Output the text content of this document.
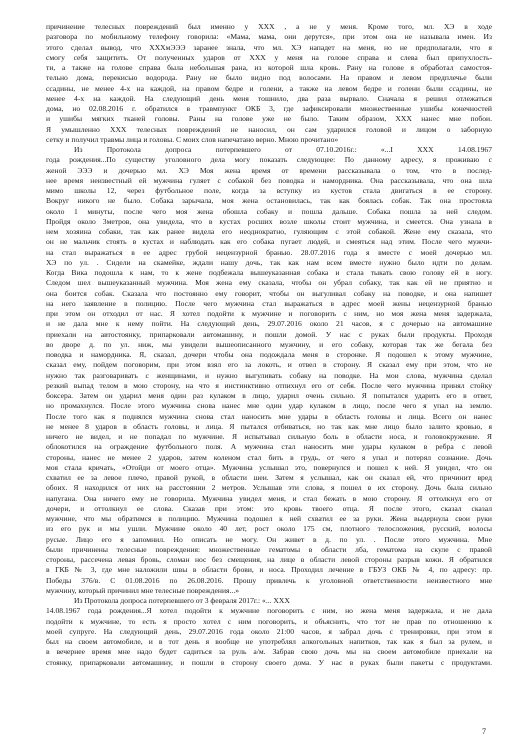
причинение телесных повреждений был именно у ХХХ , а не у меня. Кроме того, мл. ХЭ в ходе
разговора по мобильному телефону говорила: «Мама, мама, они дерутся», при этом она не называла имен. Из
этого сделал вывод, что ХХХмЭЭЭ заранее знала, что мл. ХЭ нападет на меня, но не предполагали, что я
смогу себя защитить. От полученных ударов от ХХХ у меня на голове справа и слева был припухлость-
ти, а также на голове справа была небольшая рана, из которой шла кровь. Рану на голове я обработал самостоя-
тельно дома, перекисью водорода. Рану не было видно под волосами. На правом и левом предплечье были
ссадины, не менее 4-х на каждой, на правом бедре и голени, а также на левом бедре и голени были ссадины, не
менее 4-х на каждой. На следующий день меня тошнило, два раза вырвало. Сначала я решил отлежаться
дома, но 02.08.2016 г. обратился в травмпункт ОКБ 3, где зафиксировали множественные ушибы конечностей
и ушибы мягких тканей головы. Раны на голове уже не было. Таким образом, ХХХ нанес мне побои.
Я умышленно ХХХ телесных повреждений не наносил, он сам ударился головой и лицом о заборную
сетку и получил травмы лица и головы. С моих слов напечатано верно. Мною прочитано»
Из Протокола допроса потерпевшего от 07.10.2016г.: «...I ХХХ 14.08.1967
года рождения...По существу уголовного дела могу показать следующее: По данному адресу, я проживаю с
женой ЭЭЭ и дочерью мл. ХЭ Моя жена время от времени рассказывала о том, что в послед-
нее время неизвестный ей мужчина гуляет с собакой без поводка и намордника. Она рассказывала, что она шла
мимо школы 12, через футбольное поле, когда за вступку из кустов стала двигаться в ее сторону.
Вокруг никого не было. Собака зарычала, моя жена остановилась, так как боялась собак. Так она простояла
около 1 минуты, после чего моя жена обошла собаку и пошла дальше. Собака пошла за ней следом.
Пройдя около 3метров, она увидела, что в кустах росших возле школы стоит мужчина, и смеется. Она узнала в
нем хозяина собаки, так как ранее видела его неоднократно, гуляющим с этой собакой. Жене ему сказала, что
он не мальчик стоять в кустах и наблюдать как его собака пугает людей, и смеяться над этим. После чего мужчи-
на стал выражаться в ее адрес грубой нецензурной бранью. 28.07.2016 года я вместе с моей дочерью мл.
ХЭ по ул. . Сидели на скамейке, ждали нашу дочь, так как нам всем вместе нужно было идти по делам.
Когда Вика подошла к нам, то к жене подбежала вышеуказанная собака и стала тыкать свою голову ей в ногу.
Следом шел вышеуказанный мужчина. Моя жена ему сказала, чтобы он убрал собаку, так как ей не приятно и
она боится собак. Сказала что постоянно ему говорит, чтобы он выгуливал собаку на поводке, и она напишет
на него заявление в полицию. После чего мужчина стал выражаться в адрес моей жены нецензурной бранью
при этом он отходил от нас. Я хотел подойти к мужчине и поговорить с ним, но моя жена меня задержала,
и не дала мне к нему пойти. На следующий день, 29.07.2016 около 21 часов, я с дочерью на автомашине
приехали на автостоянку, припарковали автомашину, и пошли домой. У нас с руках были продукты. Проходя
во дворе д. по ул. ниж, мы увидели вышеописанного мужчину, и его собаку, которая так же бегала без
поводка и намордника. Я, сказал, дочери чтобы она подождала меня в сторонке. Я подошел к этому мужчине,
сказал ему, пойдем поговорим, при этом взял его за локоть, и отвел в сторону. Я сказал ему при этом, что не
нужно так разговаривать с женщинами, и нужно выгуливать собаку на поводке. На мои слова, мужчина сделал
резкий выпад телом в мою сторону, на что я инстинктивно отпихнул его от себя. После чего мужчина принял стойку
боксера. Затем он ударил меня один раз кулаком в лицо, ударил очень сильно. Я попытался ударить его в ответ,
но промахнулся. После этого мужчина снова нанес мне один удар кулаком в лицо, после чего я упал на землю.
После того как я поднялся мужчина снова стал наносить мне удары в область головы и лица. Всего он нанес
не менее 8 ударов в область головы, и лица. Я пытался отбиваться, но так как мне лицо было залито кровью, я
ничего не видел, и не попадал по мужчине. Я испытывал сильную боль в области носа, и головокружение. Я
облокотился на ограждение футбольного поля. А мужчина стал наносить мне удары кулаком в ребра с левой
стороны, нанес не менее 2 ударов, затем коленом стал бить в грудь, от чего я упал и потерял сознание. Дочь
моя стала кричать, «Отойди от моего отца». Мужчина услышал это, повернулся и пошел к ней. Я увидел, что он
схватил ее за левое плечо, правой рукой, в области шеи. Затем я услышал, как он сказал ей, что причинит вред
обоих. Я находился от них на расстоянии 2 метров. Услышав эти слова, я пошел в их сторону. Дочь была сильно
напугана. Она ничего ему не говорила. Мужчина увидел меня, и стал бежать в мою сторону. Я оттолкнул его от
дочери, и оттолкнул ее слова. Сказав при этом: это кровь твоего отца. Я после этого, сказал сказал
мужчине, что мы обратимся в полицию. Мужчина подошел к ней схватил ее за руки. Жена выдернула свои руки
из его рук и мы ушли. Мужчине около 40 лет, рост около 175 см, плотного телосложения, русский, волосы
русые. Лицо его я запомнил. Но описать не могу. Он живет в д. по ул. . После этого мужчина. Мне
были причинены телесные повреждения: множественные гематомы в области лба, гематома на скуле с правой
стороны, рассечена левая бровь, сломан нос без смещения, на лице в области левой стороны разрыв кожи. Я обратился
в ГКБ № 3, где мне наложили швы в области брови, и носа. Проходил лечение в ГБУЗ ОКБ № 4, по адресу: пр.
Победы 376/в. С 01.08.2016 по 26.08.2016. Прошу привлечь к уголовной ответственности неизвестного мне
мужчину, который причинил мне телесные повреждения...»
Из Протокола допроса потерпевшего от 3 февраля 2017г.: «... ХХХ
14.08.1967 года рождения...Я хотел подойти к мужчине поговорить с ним, но жена меня задержала, и не дала
подойти к мужчине, то есть я просто хотел с ним поговорить, и объяснить, что тот не прав по отношению к
моей супруге. На следующий день, 29.07.2016 года около 21:00 часов, я забрал дочь с тренировки, при этом я
был на своем автомобиле, и в тот день я вообще не употреблял алкогольных напитков, так как я был за рулем, и
в вечернее время мне надо будет садиться за руль а/м. Забрав свою дочь мы на своем автомобиле приехали на
стоянку, припарковали автомашину, и пошли в сторону своего дома. У нас в руках были пакеты с продуктами.
7
